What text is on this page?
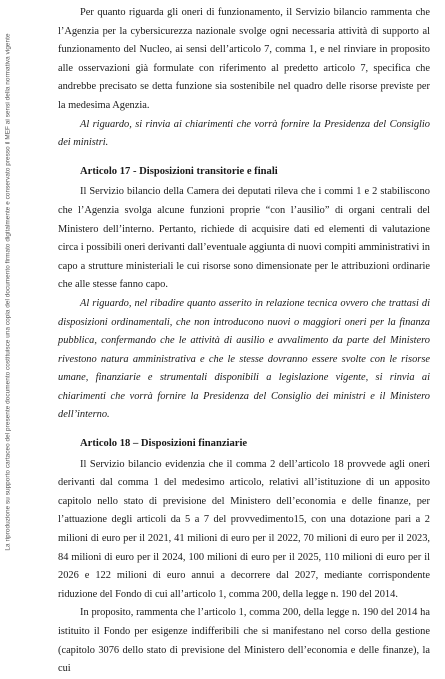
La riproduzione su supporto cartaceo del presente documento costituisce una copia del documento firmato digitalmente e conservato presso il MEF ai sensi della normativa vigente

Per quanto riguarda gli oneri di funzionamento, il Servizio bilancio rammenta che l’Agenzia per la cybersicurezza nazionale svolge ogni necessaria attività di supporto al funzionamento del Nucleo, ai sensi dell’articolo 7, comma 1, e nel rinviare in proposito alle osservazioni già formulate con riferimento al predetto articolo 7, specifica che andrebbe precisato se detta funzione sia sostenibile nel quadro delle risorse previste per la medesima Agenzia.

Al riguardo, si rinvia ai chiarimenti che vorrà fornire la Presidenza del Consiglio dei ministri.

Articolo 17 - Disposizioni transitorie e finali

Il Servizio bilancio della Camera dei deputati rileva che i commi 1 e 2 stabiliscono che l’Agenzia svolga alcune funzioni proprie “con l’ausilio” di organi centrali del Ministero dell’interno. Pertanto, richiede di acquisire dati ed elementi di valutazione circa i possibili oneri derivanti dall’eventuale aggiunta di nuovi compiti amministrativi in capo a strutture ministeriali le cui risorse sono dimensionate per le attribuzioni ordinarie che alle stesse fanno capo.

Al riguardo, nel ribadire quanto asserito in relazione tecnica ovvero che trattasi di disposizioni ordinamentali, che non introducono nuovi o maggiori oneri per la finanza pubblica, confermando che le attività di ausilio e avvalimento da parte del Ministero rivestono natura amministrativa e che le stesse dovranno essere svolte con le risorse umane, finanziarie e strumentali disponibili a legislazione vigente, si rinvia ai chiarimenti che vorrà fornire la Presidenza del Consiglio dei ministri e il Ministero dell’interno.

Articolo 18 – Disposizioni finanziarie

Il Servizio bilancio evidenzia che il comma 2 dell’articolo 18 provvede agli oneri derivanti dal comma 1 del medesimo articolo, relativi all’istituzione di un apposito capitolo nello stato di previsione del Ministero dell’economia e delle finanze, per l’attuazione degli articoli da 5 a 7 del provvedimento15, con una dotazione pari a 2 milioni di euro per il 2021, 41 milioni di euro per il 2022, 70 milioni di euro per il 2023, 84 milioni di euro per il 2024, 100 milioni di euro per il 2025, 110 milioni di euro per il 2026 e 122 milioni di euro annui a decorrere dal 2027, mediante corrispondente riduzione del Fondo di cui all’articolo 1, comma 200, della legge n. 190 del 2014.

In proposito, rammenta che l’articolo 1, comma 200, della legge n. 190 del 2014 ha istituito il Fondo per esigenze indifferibili che si manifestano nel corso della gestione (capitolo 3076 dello stato di previsione del Ministero dell’economia e delle finanze), la cui
